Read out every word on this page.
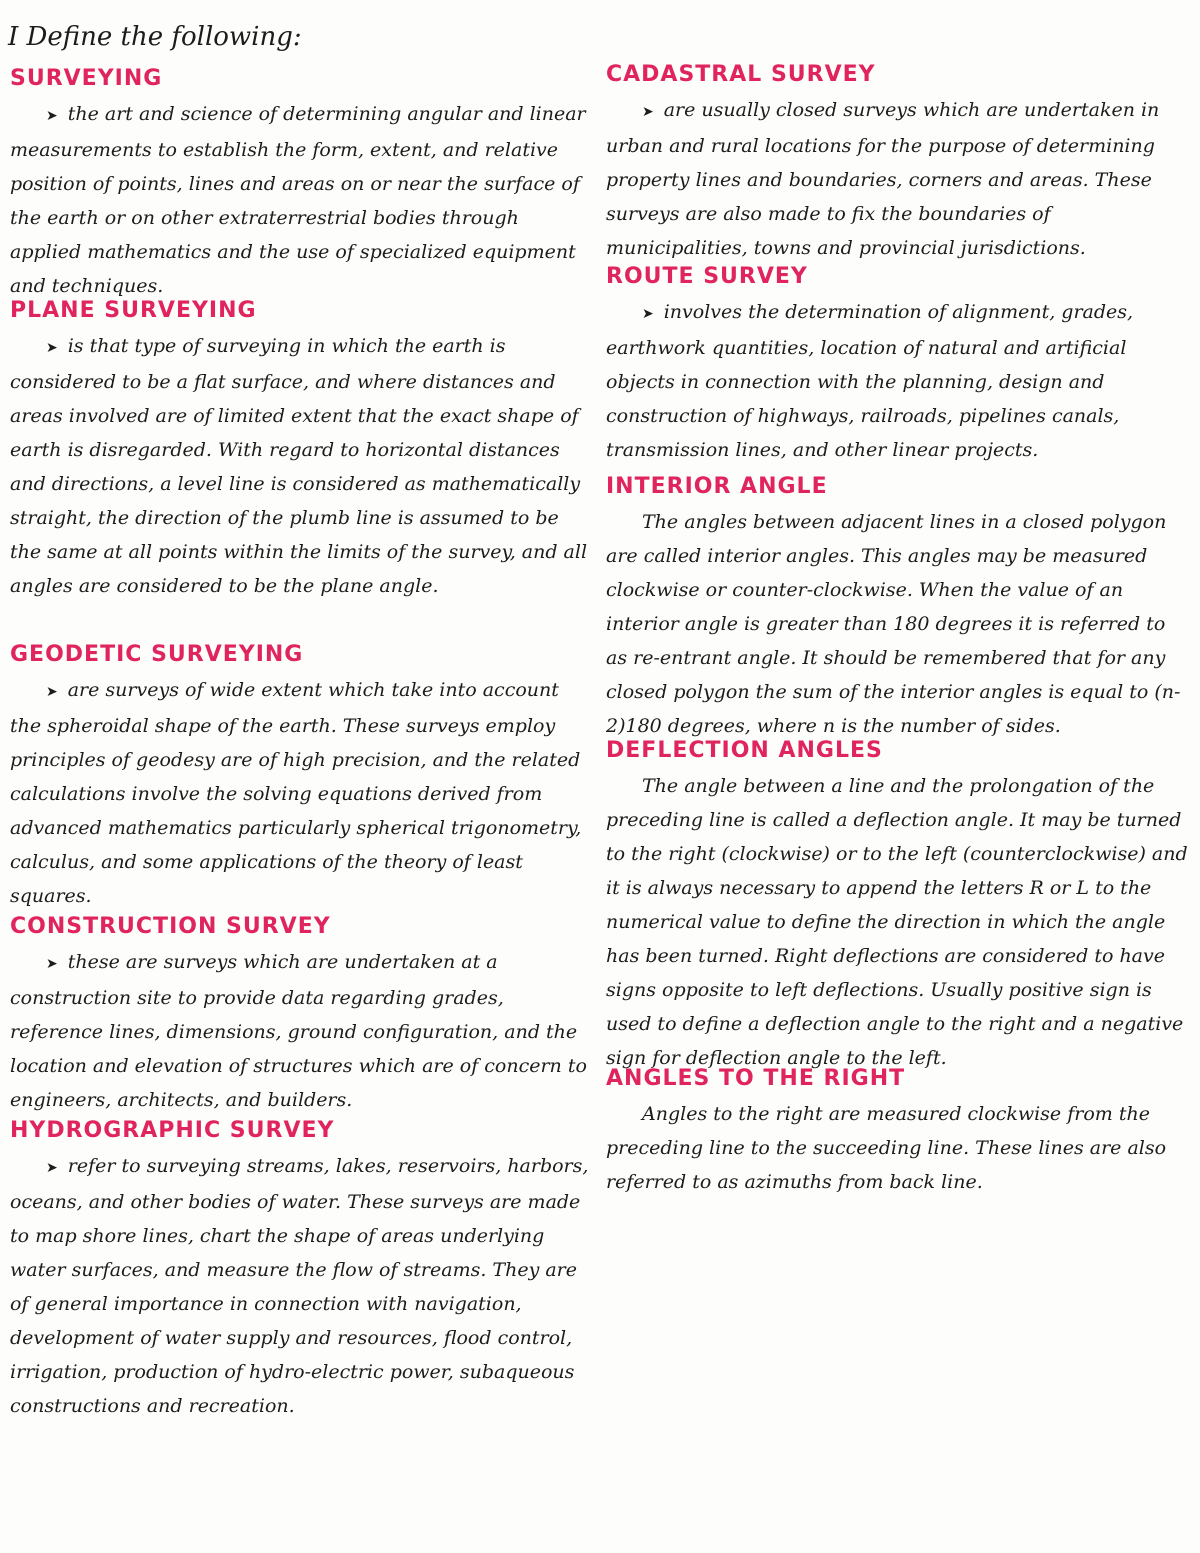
I Define the following:
SURVEYING

➤ the art and science of determining angular and linear measurements to establish the form, extent, and relative position of points, lines and areas on or near the surface of the earth or on other extraterrestrial bodies through applied mathematics and the use of specialized equipment and techniques.

PLANE SURVEYING

➤ is that type of surveying in which the earth is considered to be a flat surface, and where distances and areas involved are of limited extent that the exact shape of earth is disregarded. With regard to horizontal distances and directions, a level line is considered as mathematically straight, the direction of the plumb line is assumed to be the same at all points within the limits of the survey, and all angles are considered to be the plane angle.

GEODETIC SURVEYING

➤ are surveys of wide extent which take into account the spheroidal shape of the earth. These surveys employ principles of geodesy are of high precision, and the related calculations involve the solving equations derived from advanced mathematics particularly spherical trigonometry, calculus, and some applications of the theory of least squares.

CONSTRUCTION SURVEY

➤ these are surveys which are undertaken at a construction site to provide data regarding grades, reference lines, dimensions, ground configuration, and the location and elevation of structures which are of concern to engineers, architects, and builders.

HYDROGRAPHIC SURVEY

➤ refer to surveying streams, lakes, reservoirs, harbors, oceans, and other bodies of water. These surveys are made to map shore lines, chart the shape of areas underlying water surfaces, and measure the flow of streams. They are of general importance in connection with navigation, development of water supply and resources, flood control, irrigation, production of hydro-electric power, subaqueous constructions and recreation.

CADASTRAL SURVEY

➤ are usually closed surveys which are undertaken in urban and rural locations for the purpose of determining property lines and boundaries, corners and areas. These surveys are also made to fix the boundaries of municipalities, towns and provincial jurisdictions.

ROUTE SURVEY

➤ involves the determination of alignment, grades, earthwork quantities, location of natural and artificial objects in connection with the planning, design and construction of highways, railroads, pipelines canals, transmission lines, and other linear projects.

INTERIOR ANGLE

The angles between adjacent lines in a closed polygon are called interior angles. This angles may be measured clockwise or counter-clockwise. When the value of an interior angle is greater than 180 degrees it is referred to as re-entrant angle. It should be remembered that for any closed polygon the sum of the interior angles is equal to (n-2)180 degrees, where n is the number of sides.

DEFLECTION ANGLES

The angle between a line and the prolongation of the preceding line is called a deflection angle. It may be turned to the right (clockwise) or to the left (counterclockwise) and it is always necessary to append the letters R or L to the numerical value to define the direction in which the angle has been turned. Right deflections are considered to have signs opposite to left deflections. Usually positive sign is used to define a deflection angle to the right and a negative sign for deflection angle to the left.

ANGLES TO THE RIGHT

Angles to the right are measured clockwise from the preceding line to the succeeding line. These lines are also referred to as azimuths from back line.
